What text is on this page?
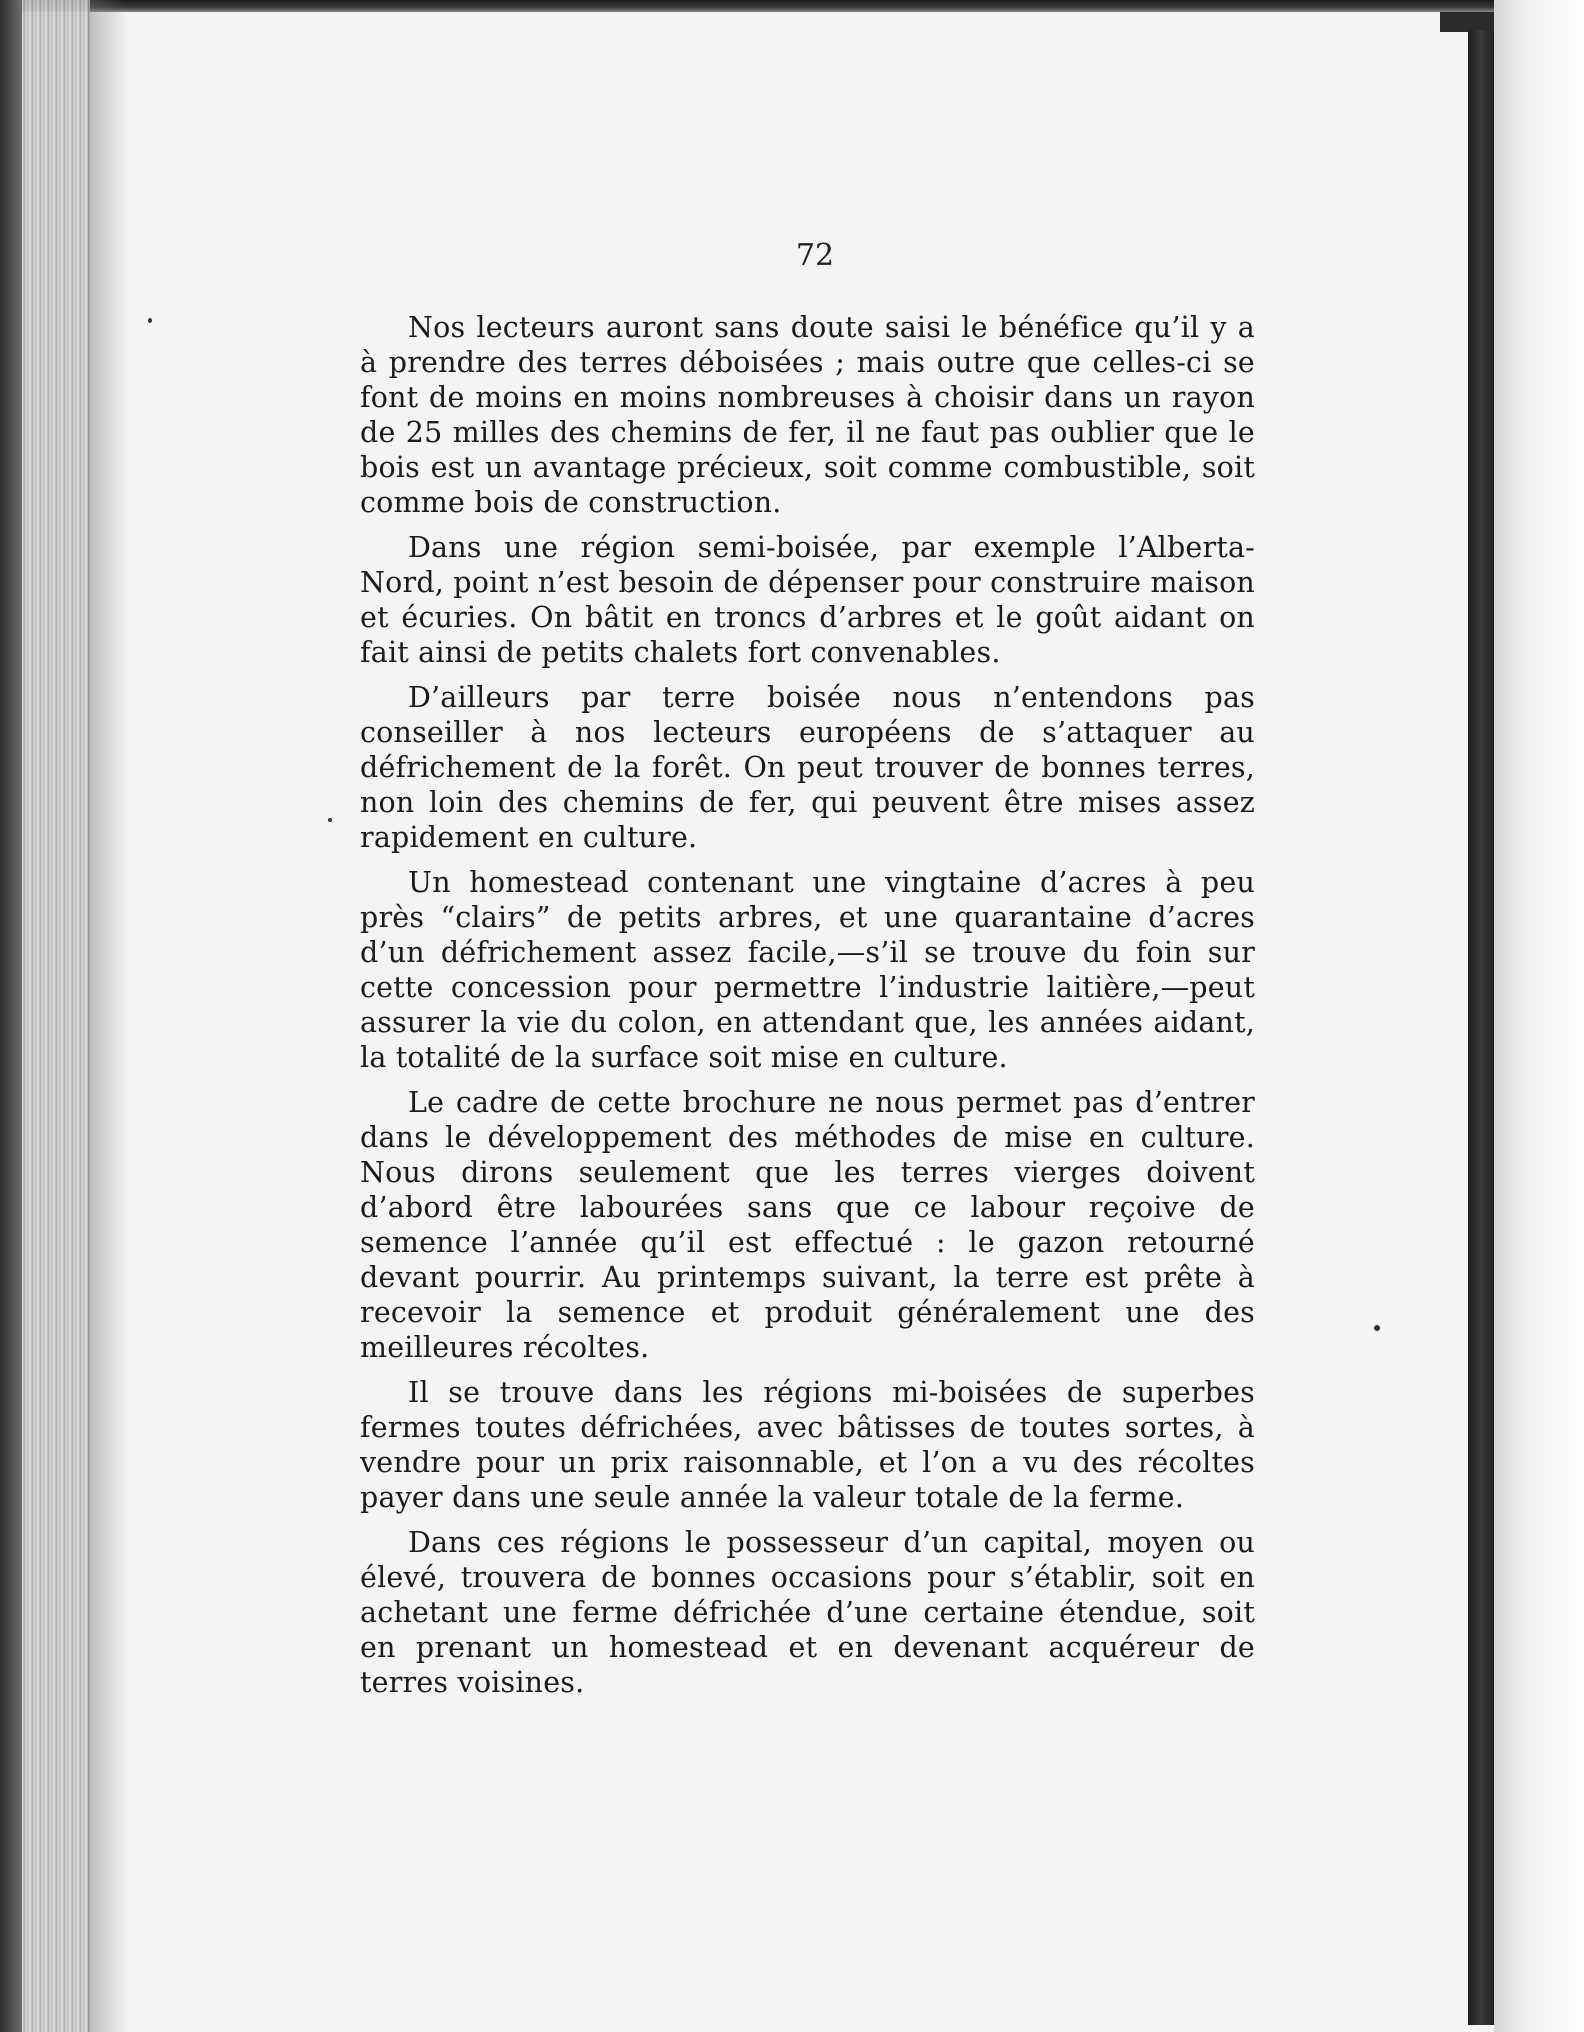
72

Nos lecteurs auront sans doute saisi le bénéfice qu’il y a à prendre des terres déboisées ; mais outre que celles-ci se font de moins en moins nombreuses à choisir dans un rayon de 25 milles des chemins de fer, il ne faut pas oublier que le bois est un avantage précieux, soit comme combustible, soit comme bois de construction.

Dans une région semi-boisée, par exemple l’Alberta-Nord, point n’est besoin de dépenser pour construire maison et écuries. On bâtit en troncs d’arbres et le goût aidant on fait ainsi de petits chalets fort convenables.

D’ailleurs par terre boisée nous n’entendons pas conseiller à nos lecteurs européens de s’attaquer au défrichement de la forêt. On peut trouver de bonnes terres, non loin des chemins de fer, qui peuvent être mises assez rapidement en culture.

Un homestead contenant une vingtaine d’acres à peu près “clairs” de petits arbres, et une quarantaine d’acres d’un défrichement assez facile,—s’il se trouve du foin sur cette concession pour permettre l’industrie laitière,—peut assurer la vie du colon, en attendant que, les années aidant, la totalité de la surface soit mise en culture.

Le cadre de cette brochure ne nous permet pas d’entrer dans le développement des méthodes de mise en culture. Nous dirons seulement que les terres vierges doivent d’abord être labourées sans que ce labour reçoive de semence l’année qu’il est effectué : le gazon retourné devant pourrir. Au printemps suivant, la terre est prête à recevoir la semence et produit généralement une des meilleures récoltes.

Il se trouve dans les régions mi-boisées de superbes fermes toutes défrichées, avec bâtisses de toutes sortes, à vendre pour un prix raisonnable, et l’on a vu des récoltes payer dans une seule année la valeur totale de la ferme.

Dans ces régions le possesseur d’un capital, moyen ou élevé, trouvera de bonnes occasions pour s’établir, soit en achetant une ferme défrichée d’une certaine étendue, soit en prenant un homestead et en devenant acquéreur de terres voisines.
